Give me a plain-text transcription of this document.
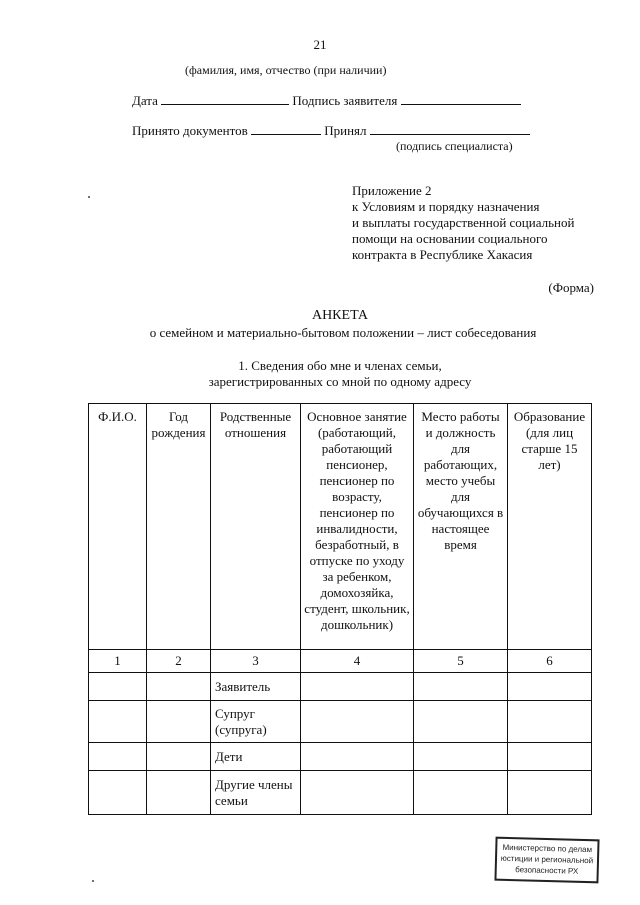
21
(фамилия, имя, отчество (при наличии)
Дата	Подпись заявителя
Принято документов	Принял
(подпись специалиста)
Приложение 2
к Условиям и порядку назначения
и выплаты государственной социальной
помощи на основании социального
контракта в Республике Хакасия
(Форма)
АНКЕТА
о семейном и материально-бытовом положении – лист собеседования
1. Сведения обо мне и членах семьи,
зарегистрированных со мной по одному адресу
Ф.И.О.	Год рождения	Родственные отношения	Основное занятие (работающий, работающий пенсионер, пенсионер по возрасту, пенсионер по инвалидности, безработный, в отпуске по уходу за ребенком, домохозяйка, студент, школьник, дошкольник)	Место работы и должность для работающих, место учебы для обучающихся в настоящее время	Образование (для лиц старше 15 лет)
1	2	3	4	5	6
		Заявитель			
		Супруг (супруга)			
		Дети			
		Другие члены семьи			
Министерство по делам
юстиции и региональной
безопасности РХ
